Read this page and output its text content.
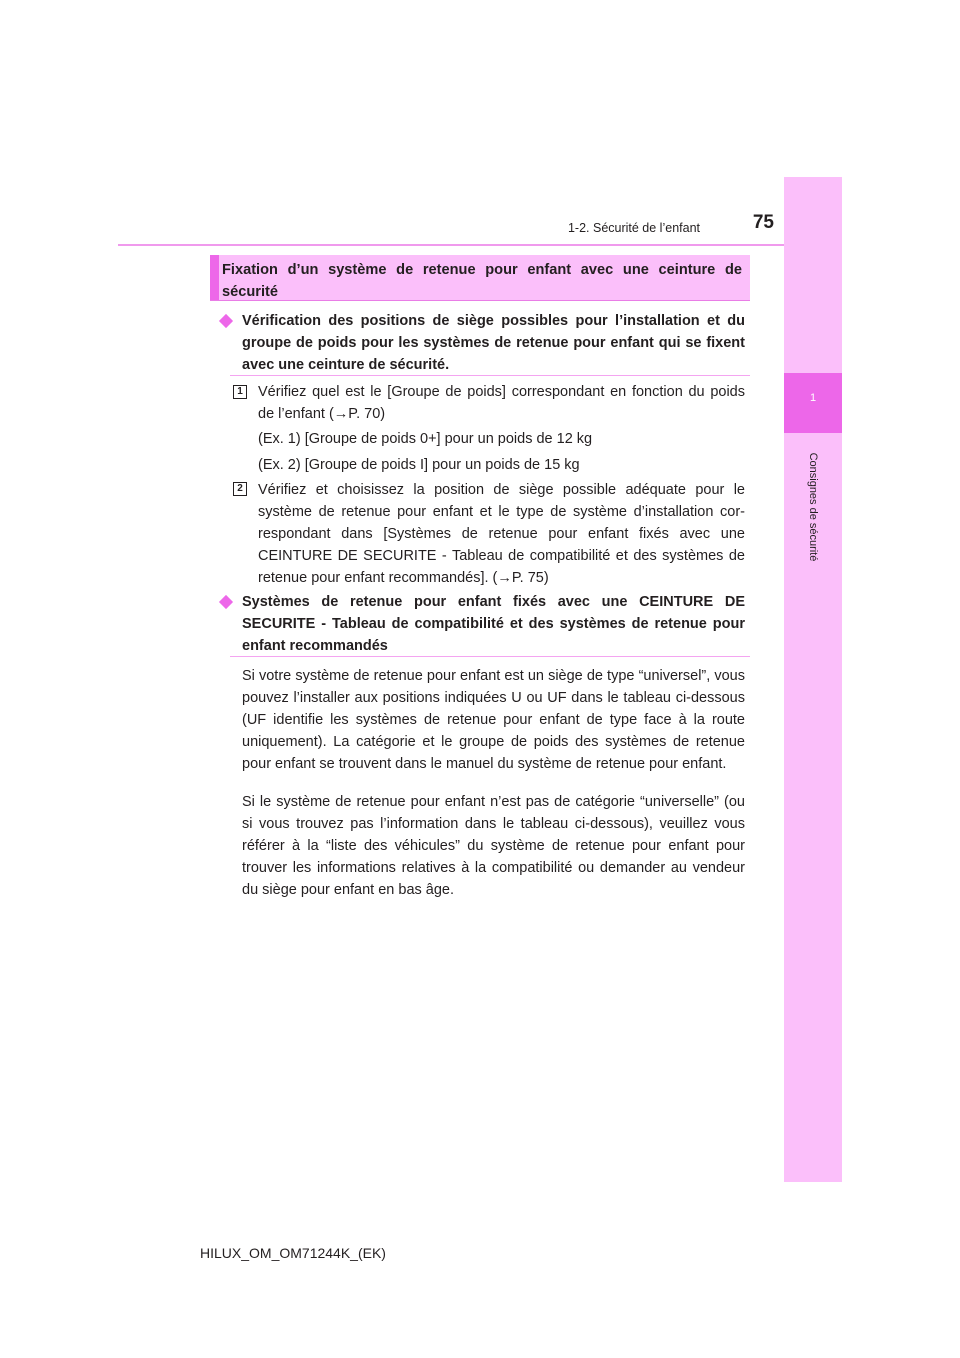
1-2. Sécurité de l’enfant	75
1
Consignes de sécurité
Fixation d’un système de retenue pour enfant avec une ceinture de sécurité
Vérification des positions de siège possibles pour l’installation et du groupe de poids pour les systèmes de retenue pour enfant qui se fixent avec une ceinture de sécurité.
1 Vérifiez quel est le [Groupe de poids] correspondant en fonction du poids de l’enfant (→P. 70)
(Ex. 1) [Groupe de poids 0+] pour un poids de 12 kg
(Ex. 2) [Groupe de poids I] pour un poids de 15 kg
2 Vérifiez et choisissez la position de siège possible adéquate pour le système de retenue pour enfant et le type de système d’installation cor-respondant dans [Systèmes de retenue pour enfant fixés avec une CEINTURE DE SECURITE - Tableau de compatibilité et des systèmes de retenue pour enfant recommandés]. (→P. 75)
Systèmes de retenue pour enfant fixés avec une CEINTURE DE SECURITE - Tableau de compatibilité et des systèmes de retenue pour enfant recommandés
Si votre système de retenue pour enfant est un siège de type “universel”, vous pouvez l’installer aux positions indiquées U ou UF dans le tableau ci-dessous (UF identifie les systèmes de retenue pour enfant de type face à la route uniquement). La catégorie et le groupe de poids des systèmes de retenue pour enfant se trouvent dans le manuel du système de retenue pour enfant.
Si le système de retenue pour enfant n’est pas de catégorie “universelle” (ou si vous trouvez pas l’information dans le tableau ci-dessous), veuillez vous référer à la “liste des véhicules” du système de retenue pour enfant pour trouver les informations relatives à la compatibilité ou demander au vendeur du siège pour enfant en bas âge.
HILUX_OM_OM71244K_(EK)
